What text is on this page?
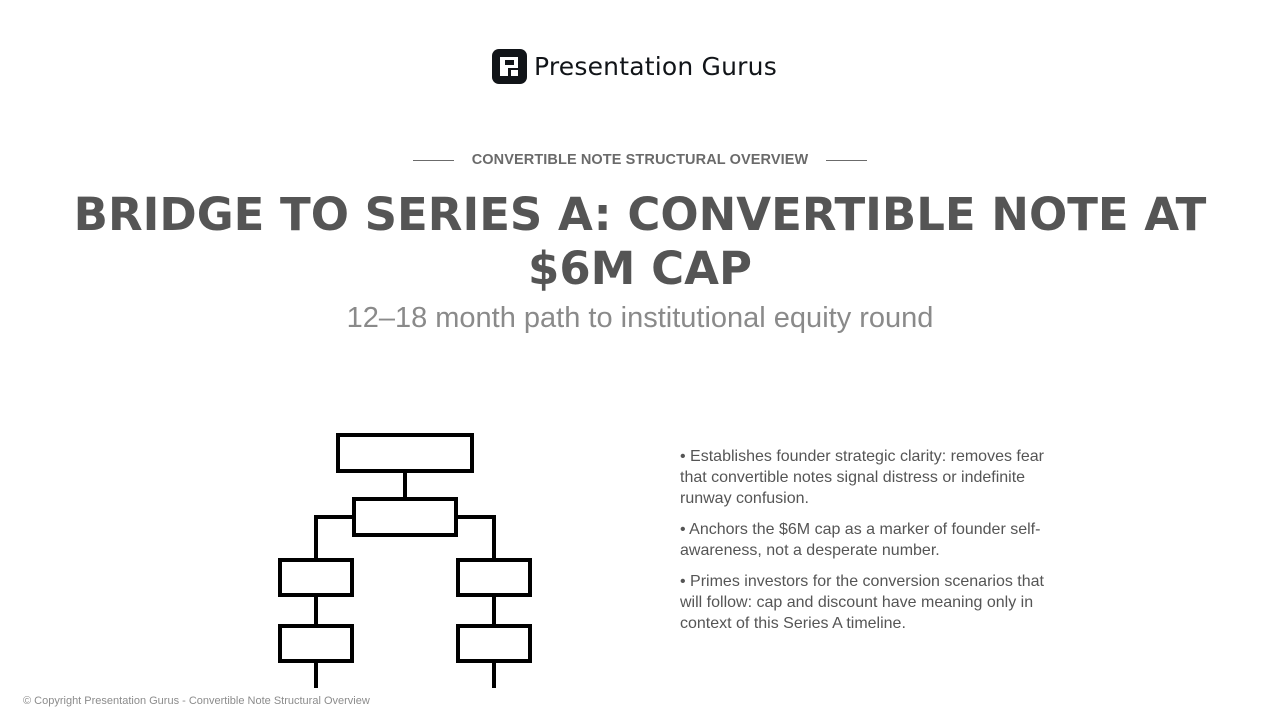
Presentation Gurus
CONVERTIBLE NOTE STRUCTURAL OVERVIEW
BRIDGE TO SERIES A: CONVERTIBLE NOTE AT $6M CAP

12–18 month path to institutional equity round

• Establishes founder strategic clarity: removes fear that convertible notes signal distress or indefinite runway confusion.
• Anchors the $6M cap as a marker of founder self-awareness, not a desperate number.
• Primes investors for the conversion scenarios that will follow: cap and discount have meaning only in context of this Series A timeline.
© Copyright Presentation Gurus - Convertible Note Structural Overview
